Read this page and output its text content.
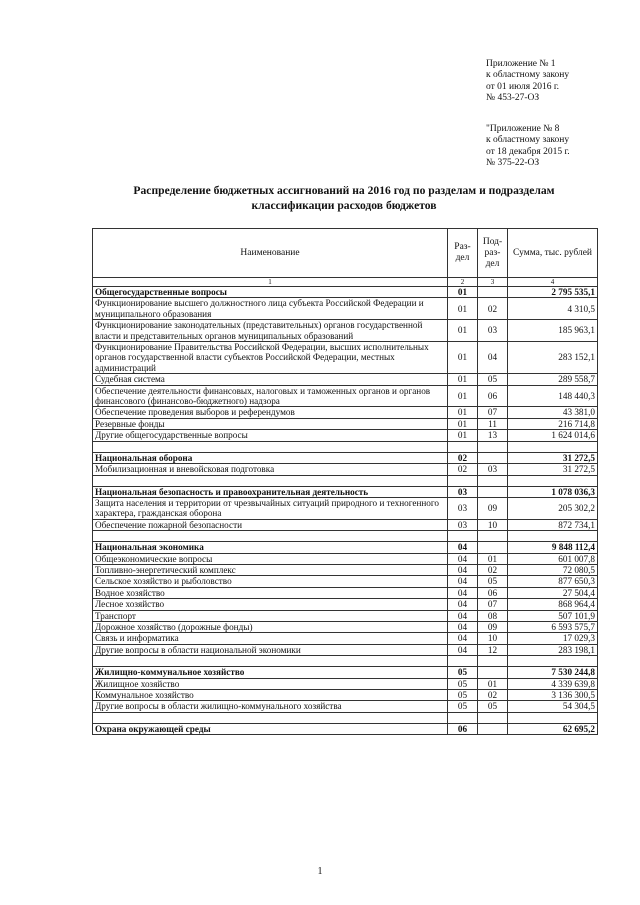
Приложение № 1
к областному закону
от 01 июля 2016 г.
№ 453-27-ОЗ
"Приложение № 8
к областному закону
от 18 декабря 2015 г.
№ 375-22-ОЗ
Распределение бюджетных ассигнований на 2016 год по разделам и подразделам
классификации расходов бюджетов
Наименование	Раз-дел	Под-раз-дел	Сумма, тыс. рублей
1	2	3	4
Общегосударственные вопросы	01		2 795 535,1
Функционирование высшего должностного лица субъекта Российской Федерации и муниципального образования	01	02	4 310,5
Функционирование законодательных (представительных) органов государственной власти и представительных органов муниципальных образований	01	03	185 963,1
Функционирование Правительства Российской Федерации, высших исполнительных органов государственной власти субъектов Российской Федерации, местных администраций	01	04	283 152,1
Судебная система	01	05	289 558,7
Обеспечение деятельности финансовых, налоговых и таможенных органов и органов финансового (финансово-бюджетного) надзора	01	06	148 440,3
Обеспечение проведения выборов и референдумов	01	07	43 381,0
Резервные фонды	01	11	216 714,8
Другие общегосударственные вопросы	01	13	1 624 014,6

Национальная оборона	02		31 272,5
Мобилизационная и вневойсковая подготовка	02	03	31 272,5

Национальная безопасность и правоохранительная деятельность	03		1 078 036,3
Защита населения и территории от чрезвычайных ситуаций природного и техногенного характера, гражданская оборона	03	09	205 302,2
Обеспечение пожарной безопасности	03	10	872 734,1

Национальная экономика	04		9 848 112,4
Общеэкономические вопросы	04	01	601 007,8
Топливно-энергетический комплекс	04	02	72 080,5
Сельское хозяйство и рыболовство	04	05	877 650,3
Водное хозяйство	04	06	27 504,4
Лесное хозяйство	04	07	868 964,4
Транспорт	04	08	507 101,9
Дорожное хозяйство (дорожные фонды)	04	09	6 593 575,7
Связь и информатика	04	10	17 029,3
Другие вопросы в области национальной экономики	04	12	283 198,1

Жилищно-коммунальное хозяйство	05		7 530 244,8
Жилищное хозяйство	05	01	4 339 639,8
Коммунальное хозяйство	05	02	3 136 300,5
Другие вопросы в области жилищно-коммунального хозяйства	05	05	54 304,5

Охрана окружающей среды	06		62 695,2
1
